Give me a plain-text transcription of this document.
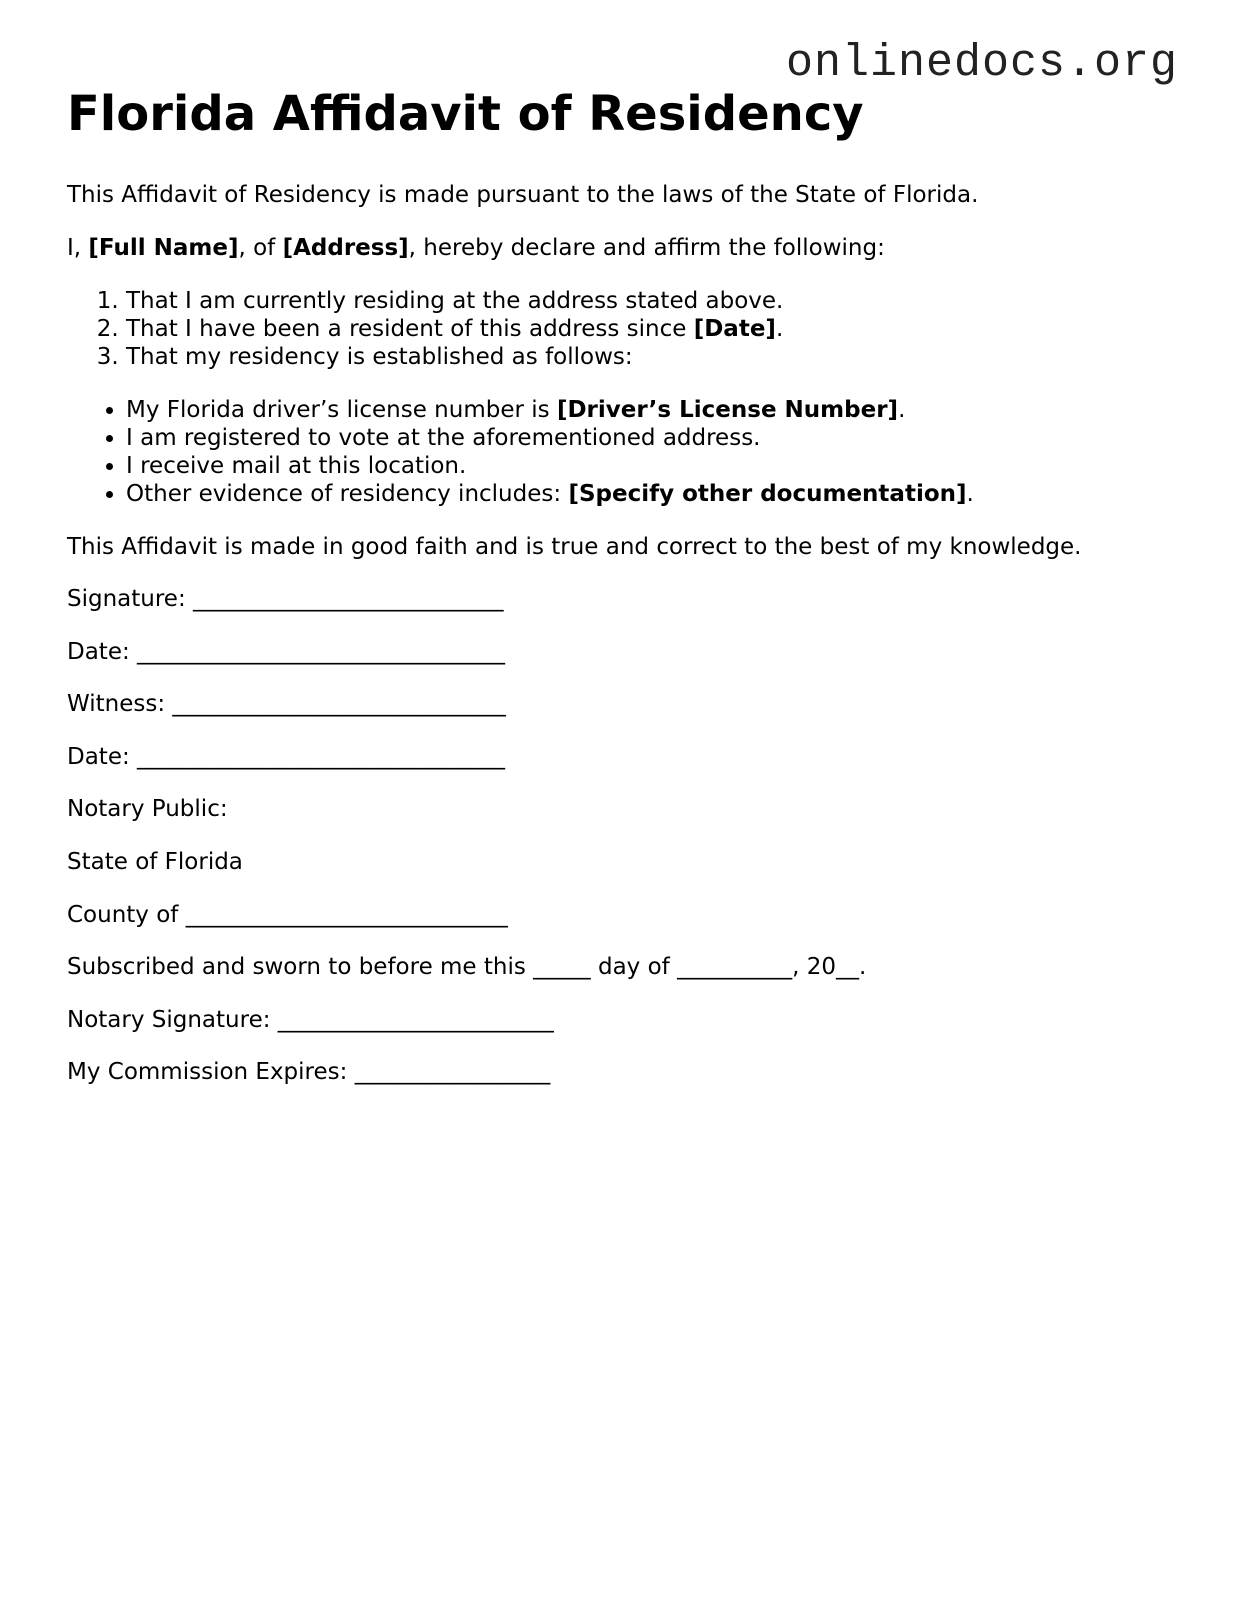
onlinedocs.org
Florida Affidavit of Residency

This Affidavit of Residency is made pursuant to the laws of the State of Florida.

I, [Full Name], of [Address], hereby declare and affirm the following:

1. That I am currently residing at the address stated above.
2. That I have been a resident of this address since [Date].
3. That my residency is established as follows:
• My Florida driver’s license number is [Driver’s License Number].
• I am registered to vote at the aforementioned address.
• I receive mail at this location.
• Other evidence of residency includes: [Specify other documentation].

This Affidavit is made in good faith and is true and correct to the best of my knowledge.

Signature: ___________________________

Date: ________________________________

Witness: _____________________________

Date: ________________________________

Notary Public:

State of Florida

County of ____________________________

Subscribed and sworn to before me this _____ day of __________, 20__.

Notary Signature: ________________________

My Commission Expires: _________________
